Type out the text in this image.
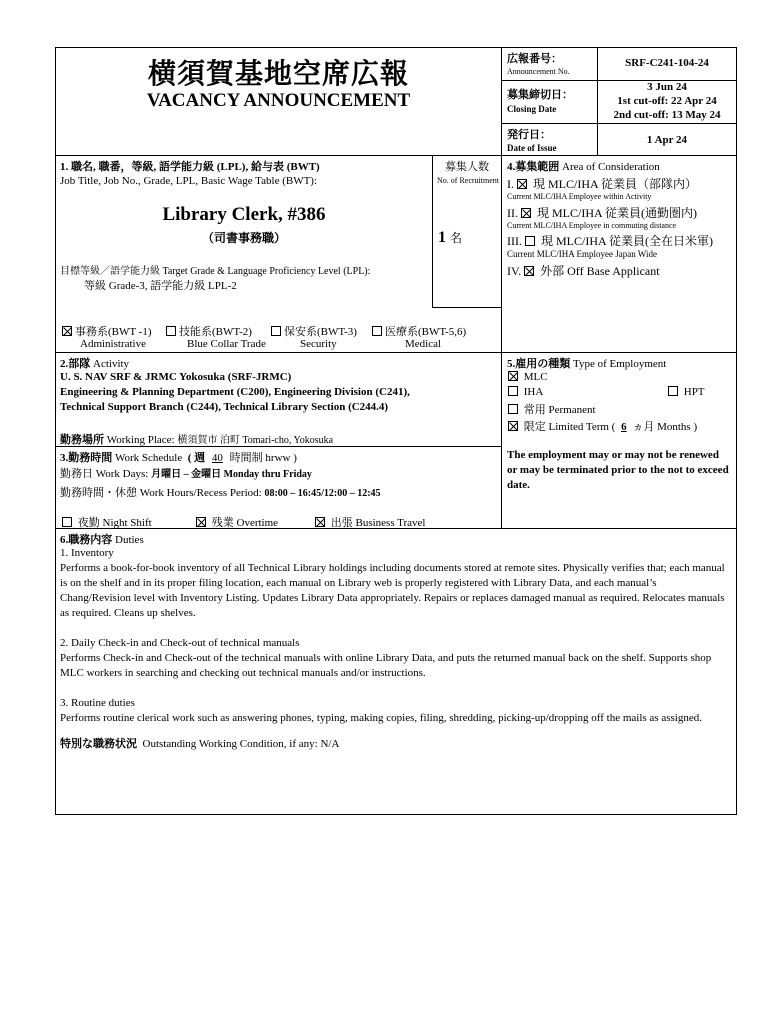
横須賀基地空席広報
VACANCY ANNOUNCEMENT
広報番号：
Announcement No.
SRF-C241-104-24
募集締切日：
Closing Date
3 Jun 24
1st cut-off: 22 Apr 24
2nd cut-off: 13 May 24
発行日：
Date of Issue
1 Apr 24
1. 職名, 職番，等級, 語学能力級 (LPL), 給与表 (BWT)
Job Title, Job No., Grade, LPL, Basic Wage Table (BWT):
Library Clerk, #386
（司書事務職）
目標等級／語学能力級 Target Grade & Language Proficiency Level (LPL):
等級 Grade-3, 語学能力級 LPL-2
募集人数
No. of Recruitment
1 名
事務系(BWT -1)	技能系(BWT-2)	保安系(BWT-3)	医療系(BWT-5,6)
Administrative	Blue Collar Trade	Security	Medical
4.募集範囲 Area of Consideration
I. 現 MLC/IHA 従業員（部隊内）
Current MLC/IHA Employee within Activity
II. 現 MLC/IHA 従業員(通勤圏内)
Current MLC/IHA Employee in commuting distance
III. 現 MLC/IHA 従業員(全在日米軍)
Current MLC/IHA Employee Japan Wide
IV. 外部 Off Base Applicant
2.部隊 Activity
U. S. NAV SRF & JRMC Yokosuka (SRF-JRMC)
Engineering & Planning Department (C200), Engineering Division (C241),
Technical Support Branch (C244), Technical Library Section (C244.4)
勤務場所 Working Place: 横須賀市 泊町 Tomari-cho, Yokosuka
5.雇用の種類 Type of Employment
MLC
IHA	HPT
常用 Permanent
限定 Limited Term ( 6 ヵ月 Months )
The employment may or may not be renewed or may be terminated prior to the not to exceed date.
3.勤務時間 Work Schedule ( 週 40 時間制 hrww )
勤務日 Work Days: 月曜日 – 金曜日 Monday thru Friday
勤務時間・休憩 Work Hours/Recess Period: 08:00 – 16:45/12:00 – 12:45
夜勤 Night Shift	残業 Overtime	出張 Business Travel
6.職務内容 Duties

1. Inventory

Performs a book-for-book inventory of all Technical Library holdings including documents stored at remote sites. Physically verifies that; each manual is on the shelf and in its proper filing location, each manual on Library web is properly registered with Library Data, and each manual’s Chang/Revision level with Inventory Listing. Updates Library Data appropriately. Repairs or replaces damaged manual as required. Relocates manuals as required. Cleans up shelves.

2. Daily Check-in and Check-out of technical manuals

Performs Check-in and Check-out of the technical manuals with online Library Data, and puts the returned manual back on the shelf. Supports shop MLC workers in searching and checking out technical manuals and/or instructions.

3. Routine duties

Performs routine clerical work such as answering phones, typing, making copies, filing, shredding, picking-up/dropping off the mails as assigned.

特別な職務状況 Outstanding Working Condition, if any: N/A
